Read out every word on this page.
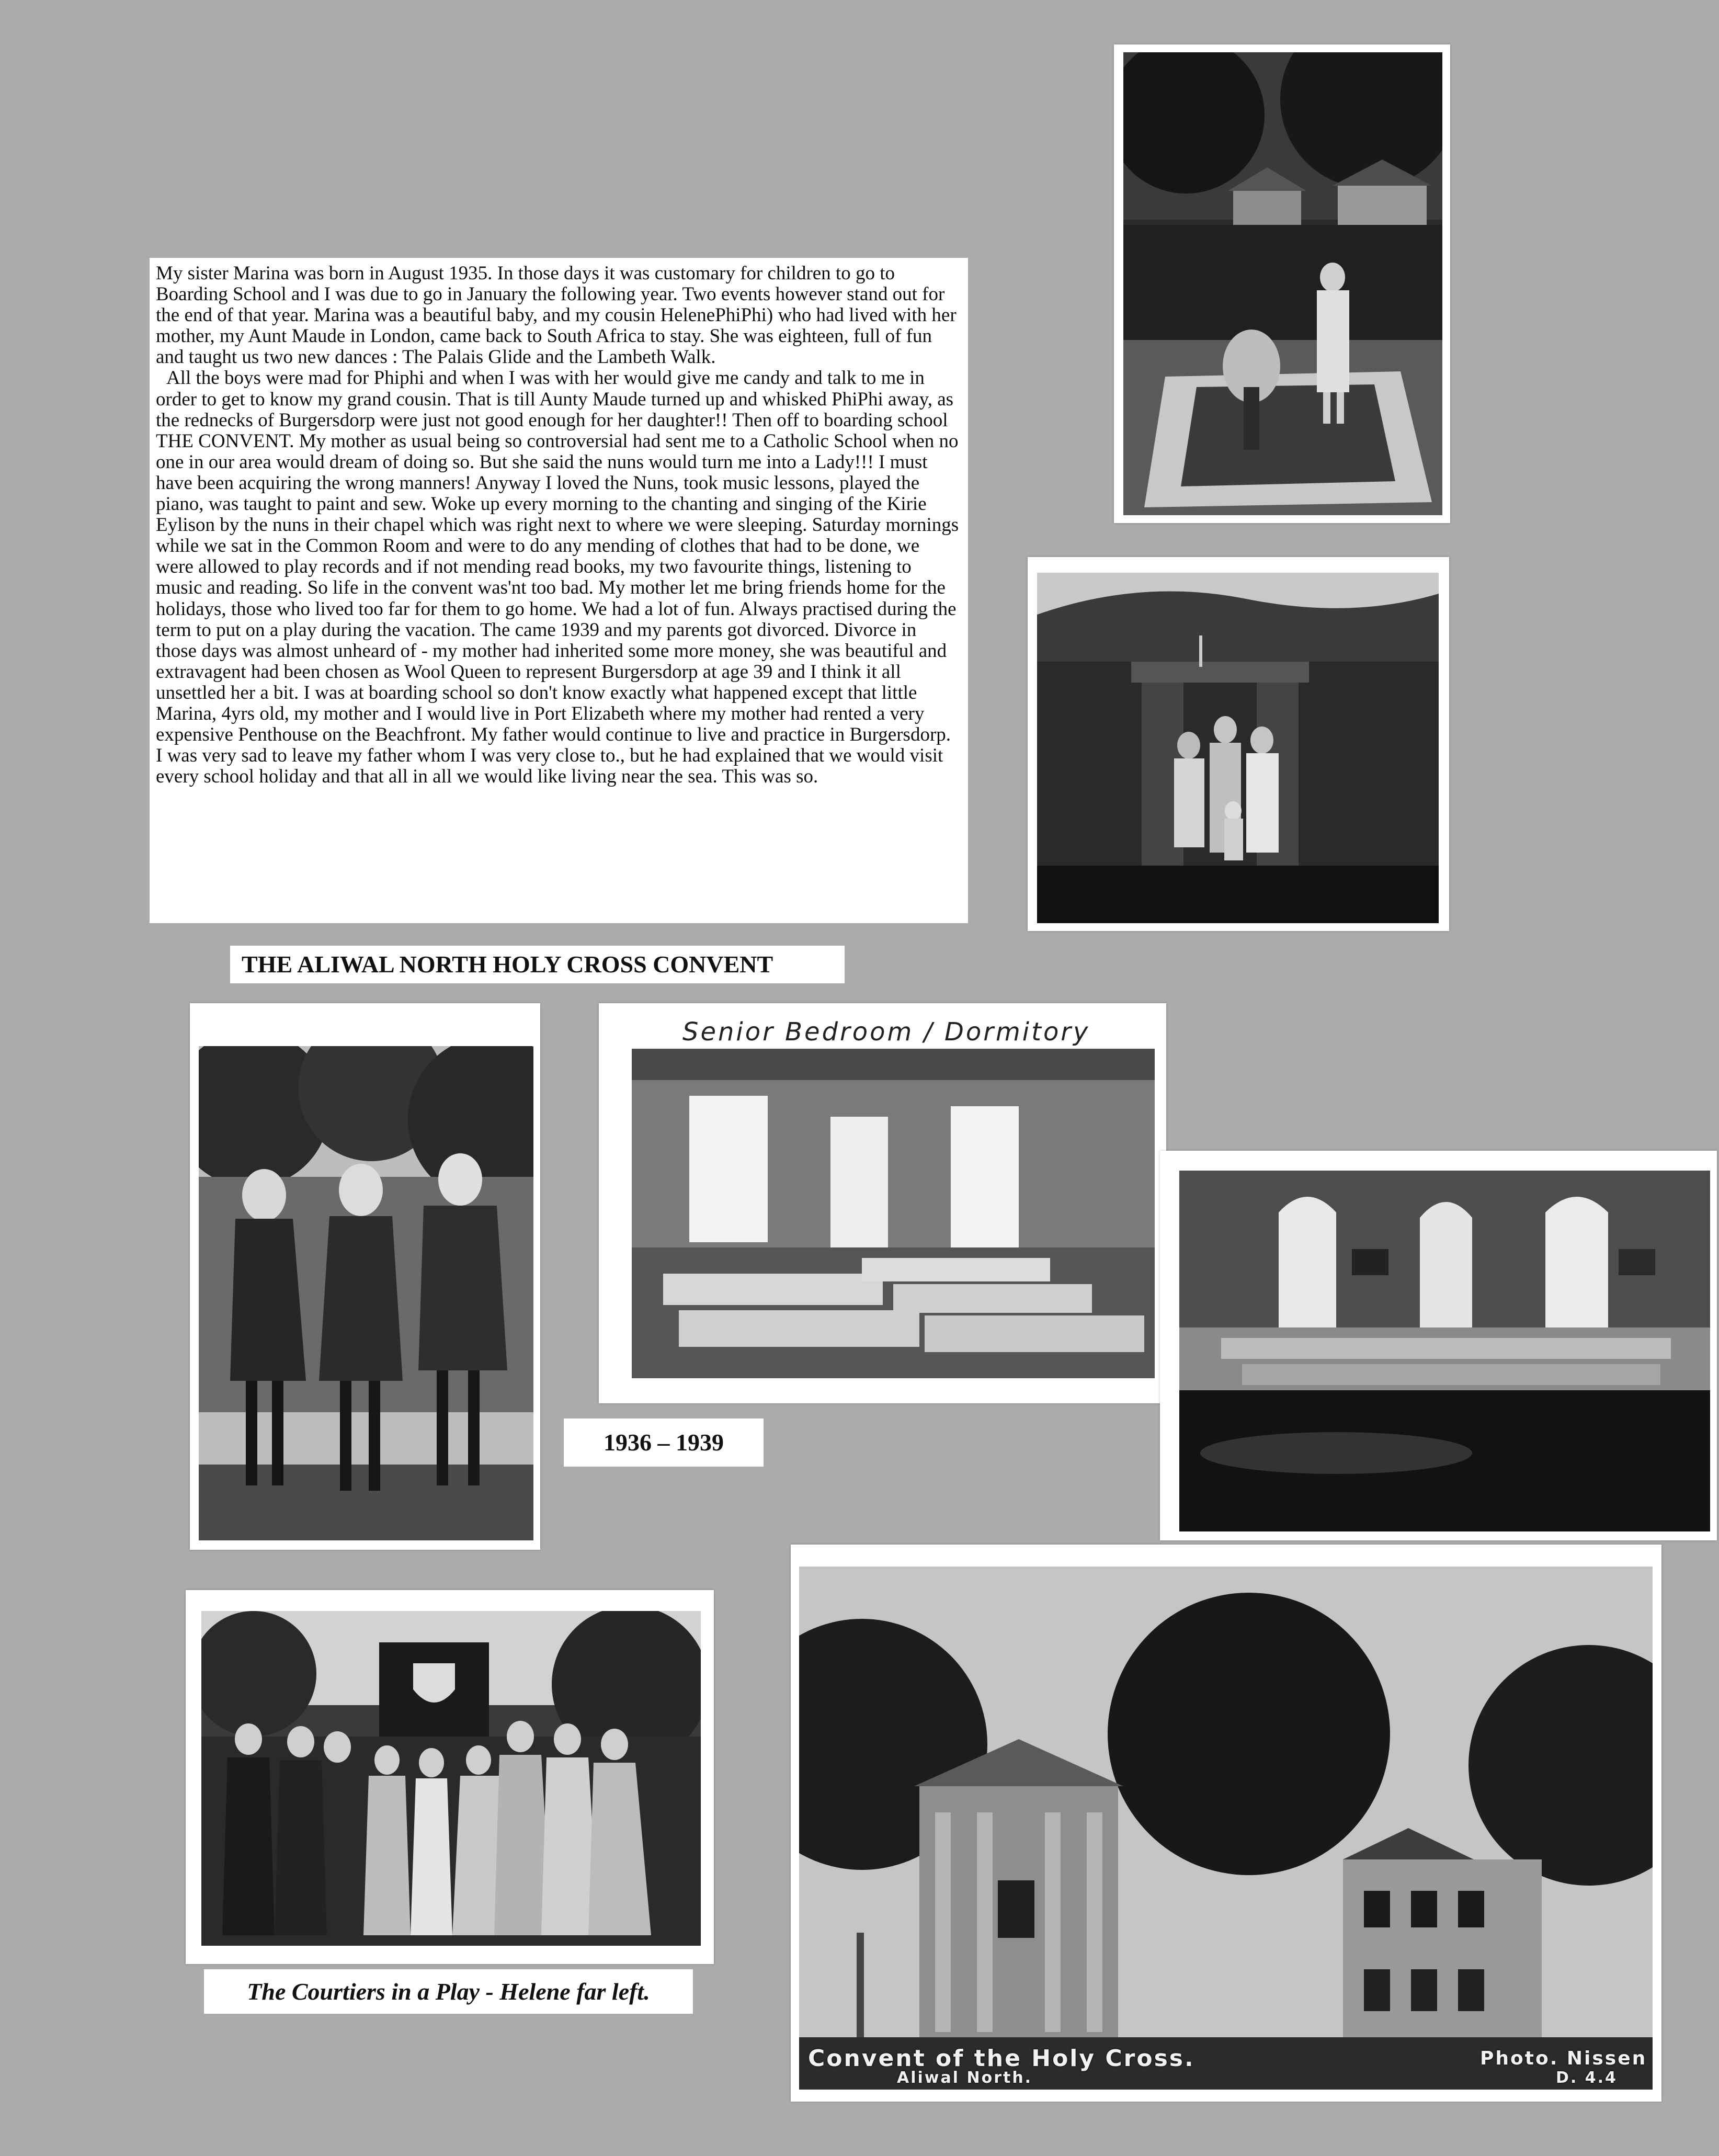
My sister Marina was born in August 1935. In those days it was customary for children to go to Boarding School and I was due to go in January the following year. Two events however stand out for the end of that year. Marina was a beautiful baby, and my cousin HelenePhiPhi) who had lived with her mother, my Aunt Maude in London, came back to South Africa to stay. She was eighteen, full of fun and taught us two new dances : The Palais Glide and the Lambeth Walk.

All the boys were mad for Phiphi and when I was with her would give me candy and talk to me in order to get to know my grand cousin. That is till Aunty Maude turned up and whisked PhiPhi away, as the rednecks of Burgersdorp were just not good enough for her daughter!! Then off to boarding school THE CONVENT. My mother as usual being so controversial had sent me to a Catholic School when no one in our area would dream of doing so. But she said the nuns would turn me into a Lady!!! I must have been acquiring the wrong manners! Anyway I loved the Nuns, took music lessons, played the piano, was taught to paint and sew. Woke up every morning to the chanting and singing of the Kirie Eylison by the nuns in their chapel which was right next to where we were sleeping. Saturday mornings while we sat in the Common Room and were to do any mending of clothes that had to be done, we were allowed to play records and if not mending read books, my two favourite things, listening to music and reading. So life in the convent was'nt too bad. My mother let me bring friends home for the holidays, those who lived too far for them to go home. We had a lot of fun. Always practised during the term to put on a play during the vacation. The came 1939 and my parents got divorced. Divorce in those days was almost unheard of - my mother had inherited some more money, she was beautiful and extravagent had been chosen as Wool Queen to represent Burgersdorp at age 39 and I think it all unsettled her a bit. I was at boarding school so don't know exactly what happened except that little Marina, 4yrs old, my mother and I would live in Port Elizabeth where my mother had rented a very expensive Penthouse on the Beachfront. My father would continue to live and practice in Burgersdorp. I was very sad to leave my father whom I was very close to., but he had explained that we would visit every school holiday and that all in all we would like living near the sea. This was so.

THE ALIWAL NORTH HOLY CROSS CONVENT
Senior Bedroom / Dormitory
1936 – 1939
The Courtiers in a Play - Helene far left.
Convent of the Holy Cross.
Aliwal North.
Photo. Nissen
D. 4.4
